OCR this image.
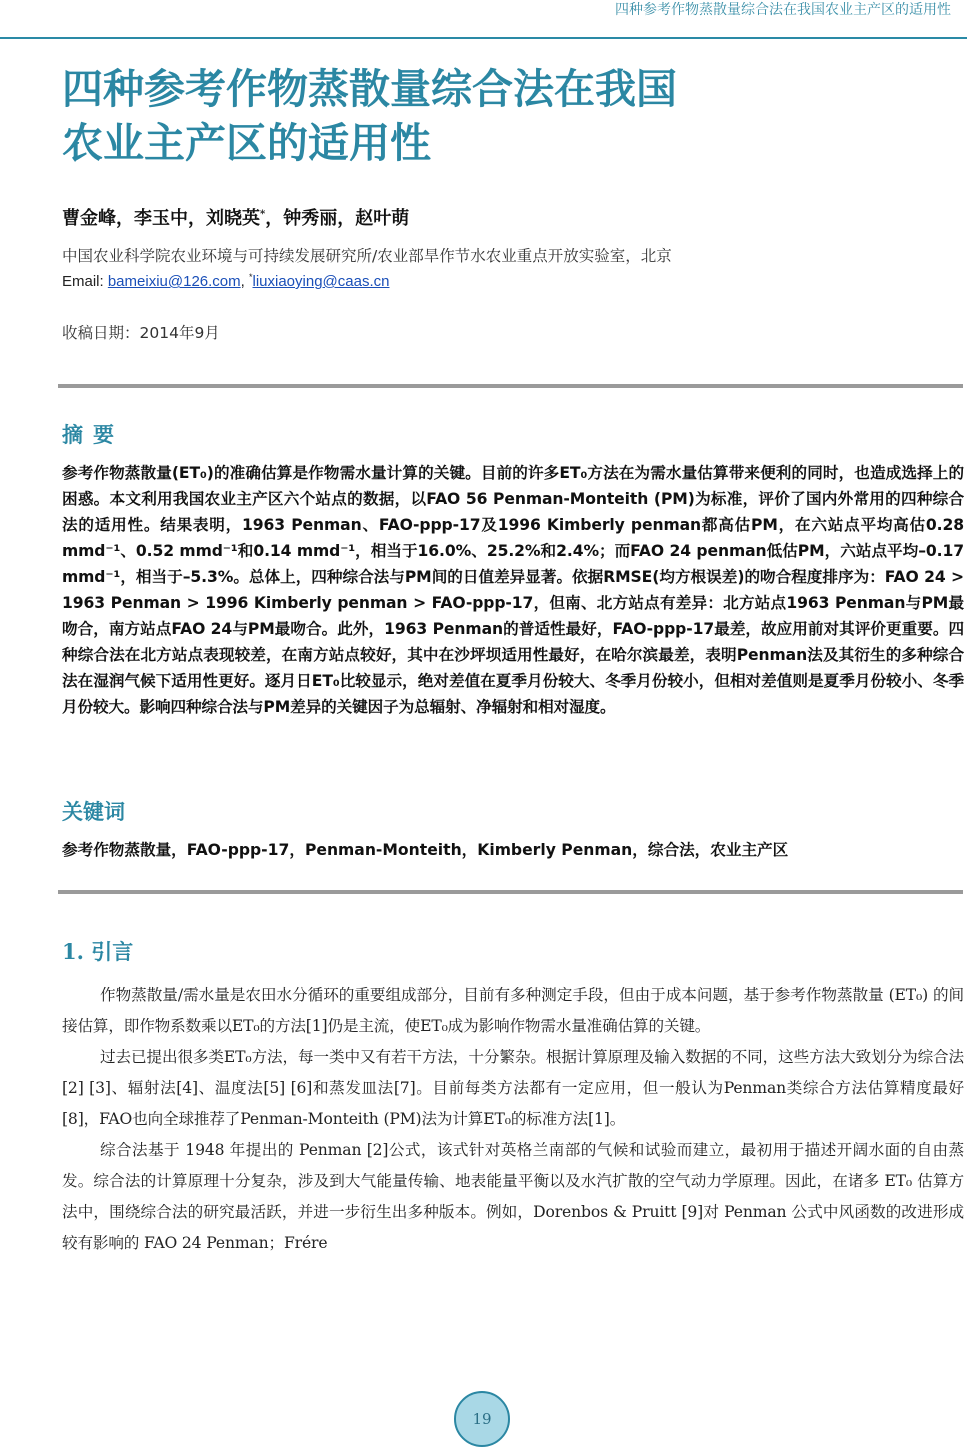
四种参考作物蒸散量综合法在我国农业主产区的适用性
四种参考作物蒸散量综合法在我国
农业主产区的适用性
曹金峰，李玉中，刘晓英*，钟秀丽，赵叶萌
中国农业科学院农业环境与可持续发展研究所/农业部旱作节水农业重点开放实验室，北京
Email: bameixiu@126.com, *liuxiaoying@caas.cn
收稿日期：2014年9月
摘要
参考作物蒸散量(ET₀)的准确估算是作物需水量计算的关键。目前的许多ET₀方法在为需水量估算带来便利的同时，也造成选择上的困惑。本文利用我国农业主产区六个站点的数据，以FAO 56 Penman-Monteith (PM)为标准，评价了国内外常用的四种综合法的适用性。结果表明，1963 Penman、FAO-ppp-17及1996 Kimberly penman都高估PM，在六站点平均高估0.28 mmd⁻¹、0.52 mmd⁻¹和0.14 mmd⁻¹，相当于16.0%、25.2%和2.4%；而FAO 24 penman低估PM，六站点平均–0.17 mmd⁻¹，相当于–5.3%。总体上，四种综合法与PM间的日值差异显著。依据RMSE(均方根误差)的吻合程度排序为：FAO 24 > 1963 Penman > 1996 Kimberly penman > FAO-ppp-17，但南、北方站点有差异：北方站点1963 Penman与PM最吻合，南方站点FAO 24与PM最吻合。此外，1963 Penman的普适性最好，FAO-ppp-17最差，故应用前对其评价更重要。四种综合法在北方站点表现较差，在南方站点较好，其中在沙坪坝适用性最好，在哈尔滨最差，表明Penman法及其衍生的多种综合法在湿润气候下适用性更好。逐月日ET₀比较显示，绝对差值在夏季月份较大、冬季月份较小，但相对差值则是夏季月份较小、冬季月份较大。影响四种综合法与PM差异的关键因子为总辐射、净辐射和相对湿度。
关键词
参考作物蒸散量，FAO-ppp-17，Penman-Monteith，Kimberly Penman，综合法，农业主产区
1. 引言

作物蒸散量/需水量是农田水分循环的重要组成部分，目前有多种测定手段，但由于成本问题，基于参考作物蒸散量 (ET₀) 的间接估算，即作物系数乘以ET₀的方法[1]仍是主流，使ET₀成为影响作物需水量准确估算的关键。

过去已提出很多类ET₀方法，每一类中又有若干方法，十分繁杂。根据计算原理及输入数据的不同，这些方法大致划分为综合法[2] [3]、辐射法[4]、温度法[5] [6]和蒸发皿法[7]。目前每类方法都有一定应用，但一般认为Penman类综合方法估算精度最好[8]，FAO也向全球推荐了Penman-Monteith (PM)法为计算ET₀的标准方法[1]。

综合法基于 1948 年提出的 Penman [2]公式，该式针对英格兰南部的气候和试验而建立，最初用于描述开阔水面的自由蒸发。综合法的计算原理十分复杂，涉及到大气能量传输、地表能量平衡以及水汽扩散的空气动力学原理。因此，在诸多 ET₀ 估算方法中，围绕综合法的研究最活跃，并进一步衍生出多种版本。例如，Dorenbos & Pruitt [9]对 Penman 公式中风函数的改进形成较有影响的 FAO 24 Penman；Frére

19
